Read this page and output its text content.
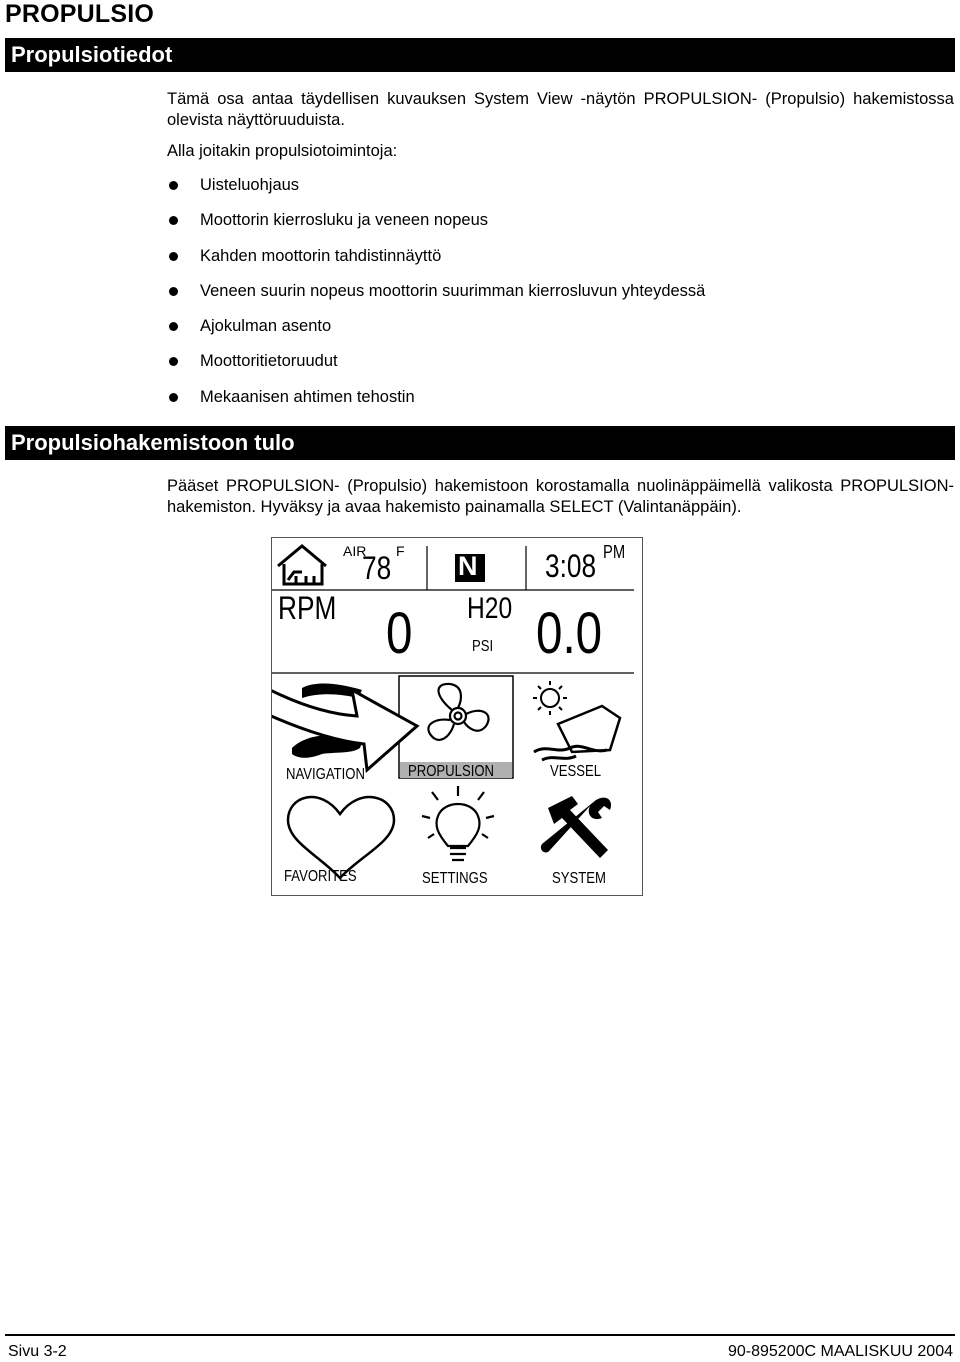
PROPULSIO
Propulsiotiedot
Tämä osa antaa täydellisen kuvauksen System View -näytön PROPULSION- (Propulsio) hakemistossa olevista näyttöruuduista.
Alla joitakin propulsiotoimintoja:
Uisteluohjaus
Moottorin kierrosluku ja veneen nopeus
Kahden moottorin tahdistinnäyttö
Veneen suurin nopeus moottorin suurimman kierrosluvun yhteydessä
Ajokulman asento
Moottoritietoruudut
Mekaanisen ahtimen tehostin
Propulsiohakemistoon tulo
Pääset PROPULSION- (Propulsio) hakemistoon korostamalla nuolinäppäimellä valikosta PROPULSION-hakemiston. Hyväksy ja avaa hakemisto painamalla SELECT (Valintanäppäin).
AIR F
78 N 3:08 PM
RPM 0 H20
PSI 0.0
NAVIGATION	PROPULSION	VESSEL
FAVORITES	SETTINGS	SYSTEM
Sivu 3-2	90-895200C MAALISKUU 2004
